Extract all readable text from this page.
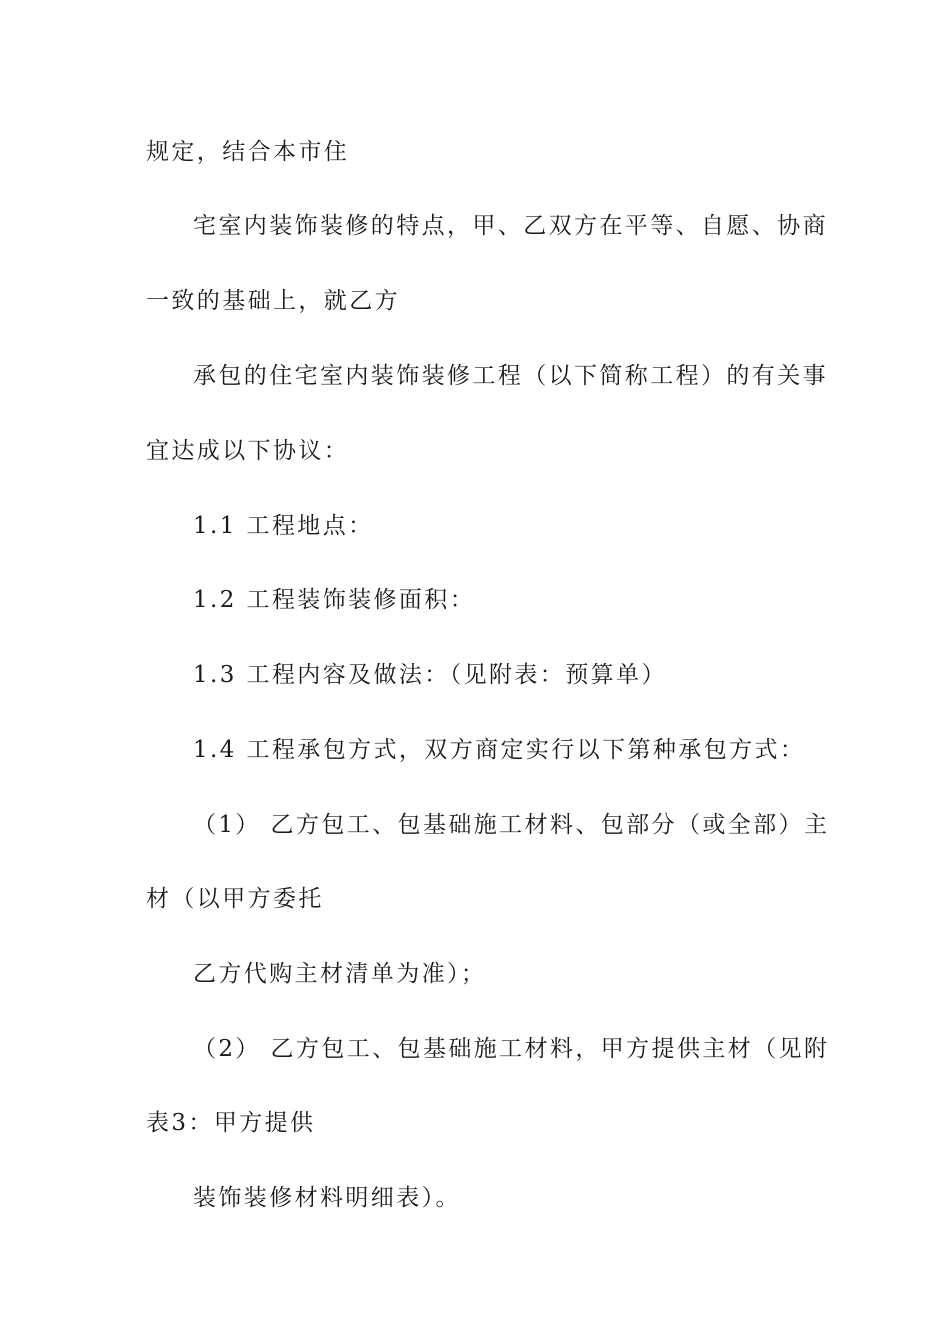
规定，结合本市住
宅室内装饰装修的特点，甲、乙双方在平等、自愿、协商
一致的基础上，就乙方
承包的住宅室内装饰装修工程（以下简称工程）的有关事
宜达成以下协议：
1.1 工程地点：
1.2 工程装饰装修面积：
1.3 工程内容及做法：（见附表：预算单）
1.4 工程承包方式，双方商定实行以下第种承包方式：
（1） 乙方包工、包基础施工材料、包部分（或全部）主
材（以甲方委托
乙方代购主材清单为准）；
（2） 乙方包工、包基础施工材料，甲方提供主材（见附
表3：甲方提供
装饰装修材料明细表）。
